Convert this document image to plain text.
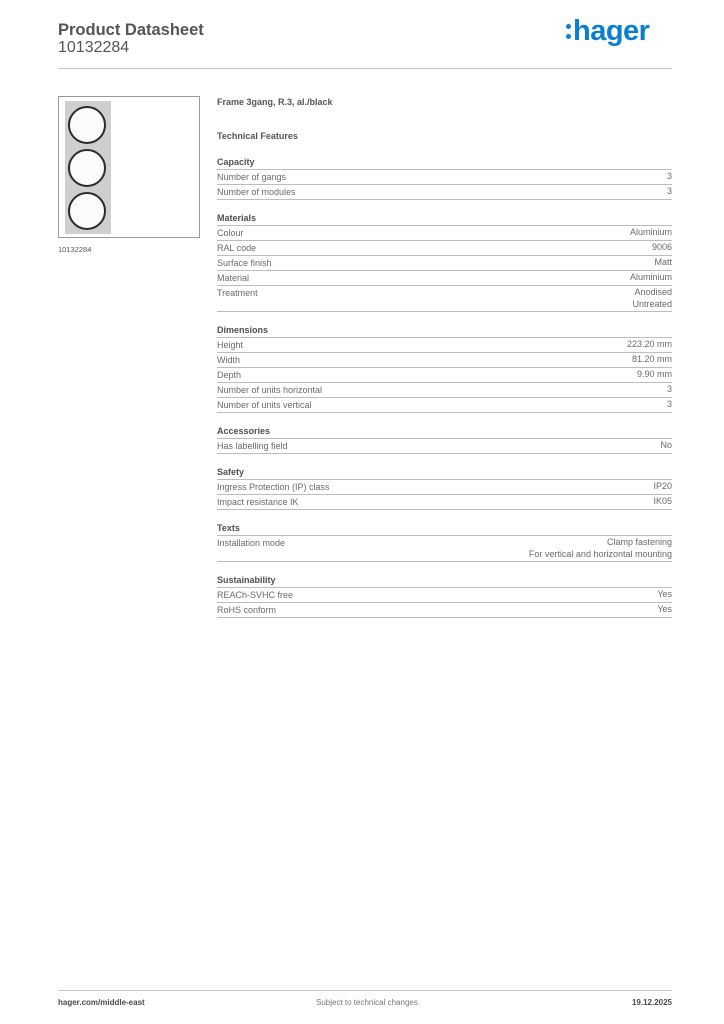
Product Datasheet
10132284
hager
10132284
Frame 3gang, R.3, al./black
Technical Features
Capacity
Number of gangs	3
Number of modules	3
Materials
Colour	Aluminium
RAL code	9006
Surface finish	Matt
Material	Aluminium
Treatment	Anodised
Untreated
Dimensions
Height	223.20 mm
Width	81.20 mm
Depth	9.90 mm
Number of units horizontal	3
Number of units vertical	3
Accessories
Has labelling field	No
Safety
Ingress Protection (IP) class	IP20
Impact resistance IK	IK05
Texts
Installation mode	Clamp fastening
For vertical and horizontal mounting
Sustainability
REACh-SVHC free	Yes
RoHS conform	Yes
hager.com/middle-east	Subject to technical changes	19.12.2025
